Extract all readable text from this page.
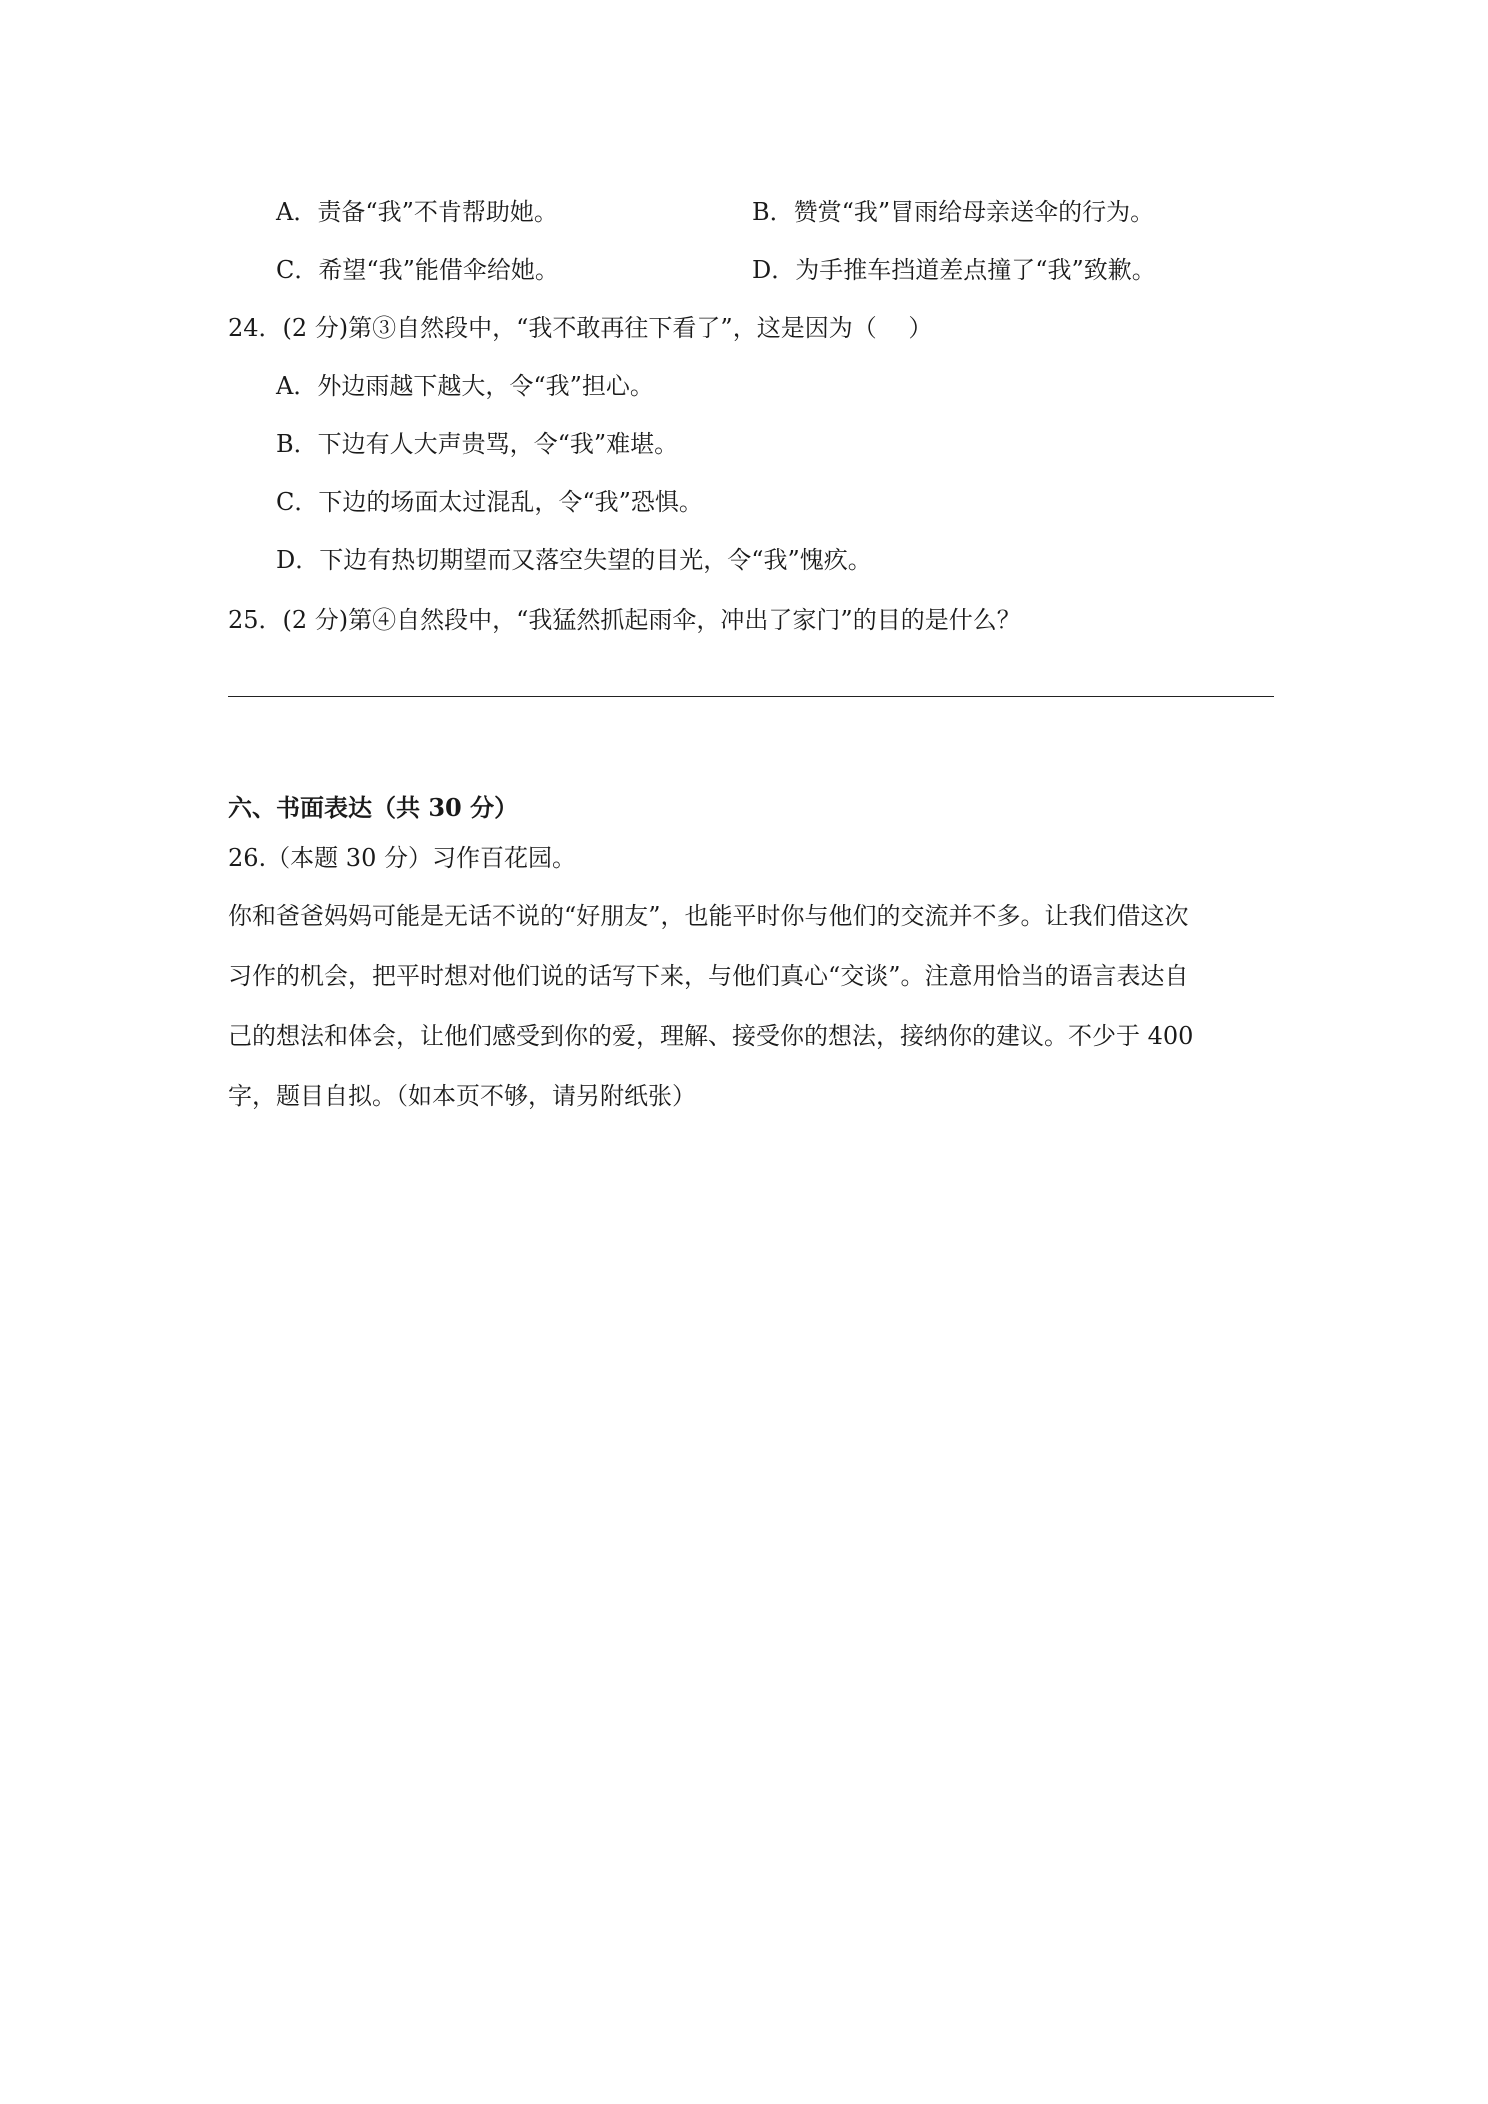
A．责备“我”不肯帮助她。	B．赞赏“我”冒雨给母亲送伞的行为。
C．希望“我”能借伞给她。	D．为手推车挡道差点撞了“我”致歉。
24．(2 分)第③自然段中，“我不敢再往下看了”，这是因为（　 ）
A．外边雨越下越大，令“我”担心。
B．下边有人大声贵骂，令“我”难堪。
C．下边的场面太过混乱，令“我”恐惧。
D．下边有热切期望而又落空失望的目光，令“我”愧疚。
25．(2 分)第④自然段中，“我猛然抓起雨伞，冲出了家门”的目的是什么？
六、书面表达（共 30 分）
26.（本题 30 分）习作百花园。
你和爸爸妈妈可能是无话不说的“好朋友”，也能平时你与他们的交流并不多。让我们借这次
习作的机会，把平时想对他们说的话写下来，与他们真心“交谈”。注意用恰当的语言表达自
己的想法和体会，让他们感受到你的爱，理解、接受你的想法，接纳你的建议。不少于 400
字，题目自拟。（如本页不够，请另附纸张）
